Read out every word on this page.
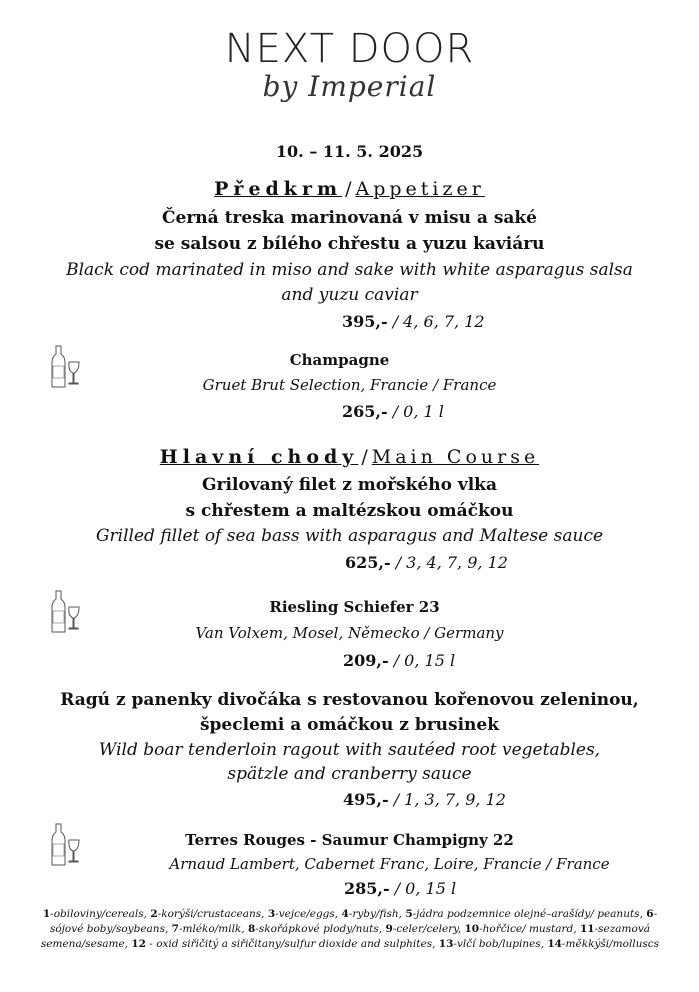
NEXT DOOR
by Imperial
10. – 11. 5. 2025
Předkrm / Appetizer
Černá treska marinovaná v misu a saké
se salsou z bílého chřestu a yuzu kaviáru
Black cod marinated in miso and sake with white asparagus salsa
and yuzu caviar
395,- / 4, 6, 7, 12
Champagne
Gruet Brut Selection, Francie / France
265,- / 0, 1 l
Hlavní chody / Main Course
Grilovaný filet z mořského vlka
s chřestem a maltézskou omáčkou
Grilled fillet of sea bass with asparagus and Maltese sauce
625,- / 3, 4, 7, 9, 12
Riesling Schiefer 23
Van Volxem, Mosel, Německo / Germany
209,- / 0, 15 l
Ragú z panenky divočáka s restovanou kořenovou zeleninou,
špeclemi a omáčkou z brusinek
Wild boar tenderloin ragout with sautéed root vegetables,
spätzle and cranberry sauce
495,- / 1, 3, 7, 9, 12
Terres Rouges - Saumur Champigny 22
Arnaud Lambert, Cabernet Franc, Loire, Francie / France
285,- / 0, 15 l
1-obiloviny/cereals, 2-korýši/crustaceans, 3-vejce/eggs, 4-ryby/fish, 5-jádra podzemnice olejné–arašídy/ peanuts, 6-sójové boby/soybeans, 7-mléko/milk, 8-skořápkové plody/nuts, 9-celer/celery, 10-hořčice/ mustard, 11-sezamová semena/sesame, 12 - oxid siřičitý a siřičitany/sulfur dioxide and sulphites, 13-vlčí bob/lupines, 14-měkkýši/molluscs
